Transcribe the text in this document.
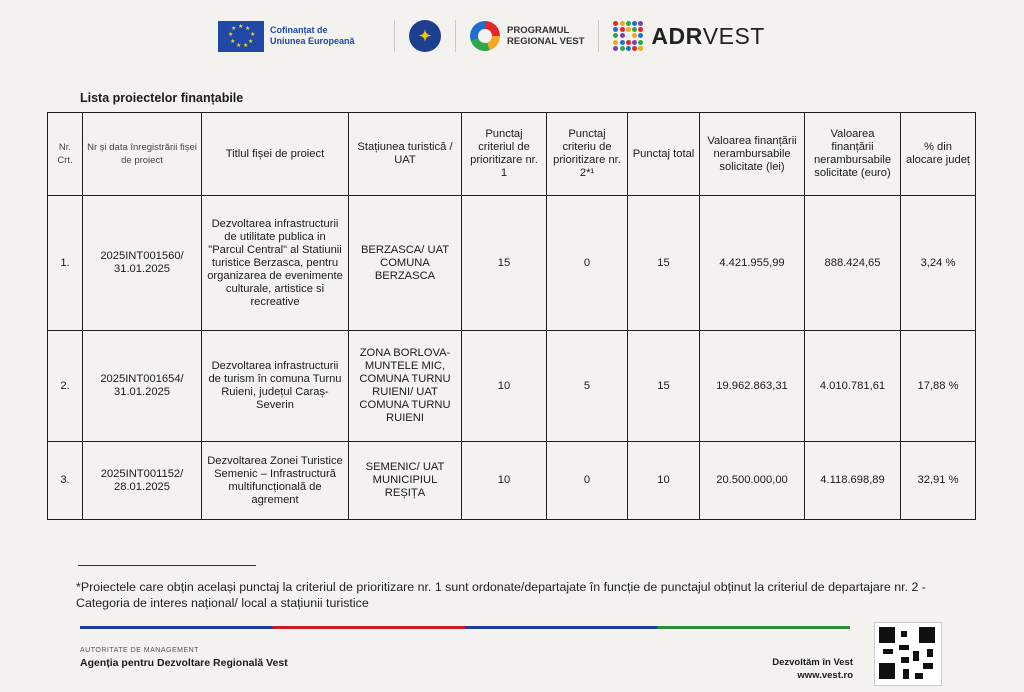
★ ★
★
★
★
★
★
★
★	Cofinanțat de
Uniunea Europeană	✦	PROGRAMUL
REGIONAL VEST	ADRVEST
Lista proiectelor finanțabile
Nr. Crt.	Nr și data înregistrării fișei de proiect	Titlul fișei de proiect	Stațiunea turistică / UAT	Punctaj criteriul de prioritizare nr. 1	Punctaj criteriu de prioritizare nr. 2*¹	Punctaj total	Valoarea finanțării nerambursabile solicitate (lei)	Valoarea finanțării nerambursabile solicitate (euro)	% din alocare județ
1.	2025INT001560/ 31.01.2025	Dezvoltarea infrastructurii de utilitate publica in "Parcul Central" al Statiunii turistice Berzasca, pentru organizarea de evenimente culturale, artistice si recreative	BERZASCA/ UAT COMUNA BERZASCA	15	0	15	4.421.955,99	888.424,65	3,24 %
2.	2025INT001654/ 31.01.2025	Dezvoltarea infrastructurii de turism în comuna Turnu Ruieni, județul Caraș-Severin	ZONA BORLOVA-MUNTELE MIC, COMUNA TURNU RUIENI/ UAT COMUNA TURNU RUIENI	10	5	15	19.962.863,31	4.010.781,61	17,88 %
3.	2025INT001152/ 28.01.2025	Dezvoltarea Zonei Turistice Semenic – Infrastructură multifuncțională de agrement	SEMENIC/ UAT MUNICIPIUL REȘIȚA	10	0	10	20.500.000,00	4.118.698,89	32,91 %
*Proiectele care obțin același punctaj la criteriul de prioritizare nr. 1 sunt ordonate/departajate în funcție de punctajul obținut la criteriul de departajare nr. 2 - Categoria de interes național/ local a stațiunii turistice
AUTORITATE DE MANAGEMENT
Agenția pentru Dezvoltare Regională Vest	Dezvoltăm în Vest
www.vest.ro
